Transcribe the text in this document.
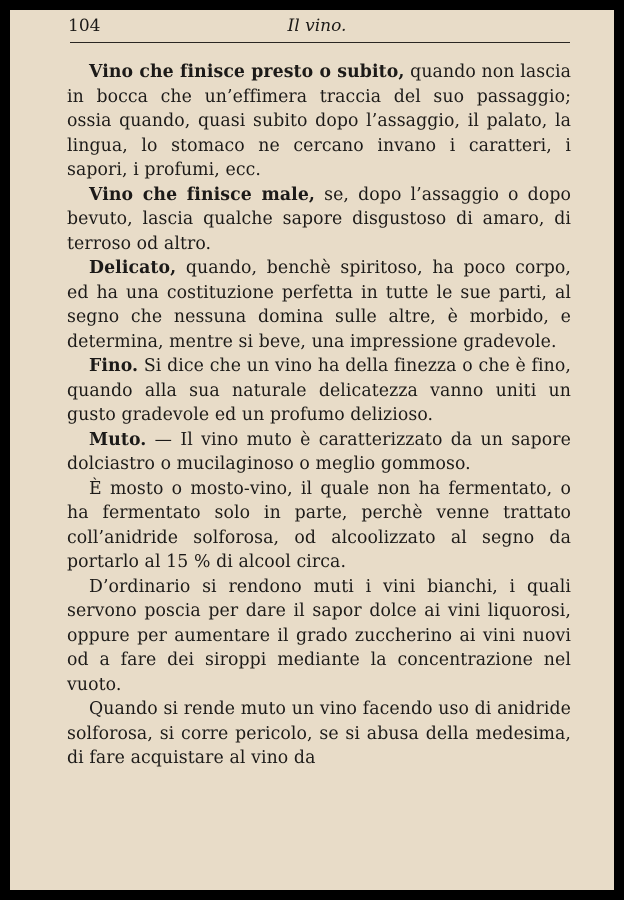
104	Il vino.

Vino che finisce presto o subito, quando non lascia in bocca che un’effimera traccia del suo passaggio; ossia quando, quasi subito dopo l’assaggio, il palato, la lingua, lo stomaco ne cercano invano i caratteri, i sapori, i profumi, ecc.

Vino che finisce male, se, dopo l’assaggio o dopo bevuto, lascia qualche sapore disgustoso di amaro, di terroso od altro.

Delicato, quando, benchè spiritoso, ha poco corpo, ed ha una costituzione perfetta in tutte le sue parti, al segno che nessuna domina sulle altre, è morbido, e determina, mentre si beve, una impressione gradevole.

Fino. Si dice che un vino ha della finezza o che è fino, quando alla sua naturale delicatezza vanno uniti un gusto gradevole ed un profumo delizioso.

Muto. — Il vino muto è caratterizzato da un sapore dolciastro o mucilaginoso o meglio gommoso.

È mosto o mosto-vino, il quale non ha fermentato, o ha fermentato solo in parte, perchè venne trattato coll’anidride solforosa, od alcoolizzato al segno da portarlo al 15 % di alcool circa.

D’ordinario si rendono muti i vini bianchi, i quali servono poscia per dare il sapor dolce ai vini liquorosi, oppure per aumentare il grado zuccherino ai vini nuovi od a fare dei siroppi mediante la concentrazione nel vuoto.

Quando si rende muto un vino facendo uso di anidride solforosa, si corre pericolo, se si abusa della medesima, di fare acquistare al vino da
